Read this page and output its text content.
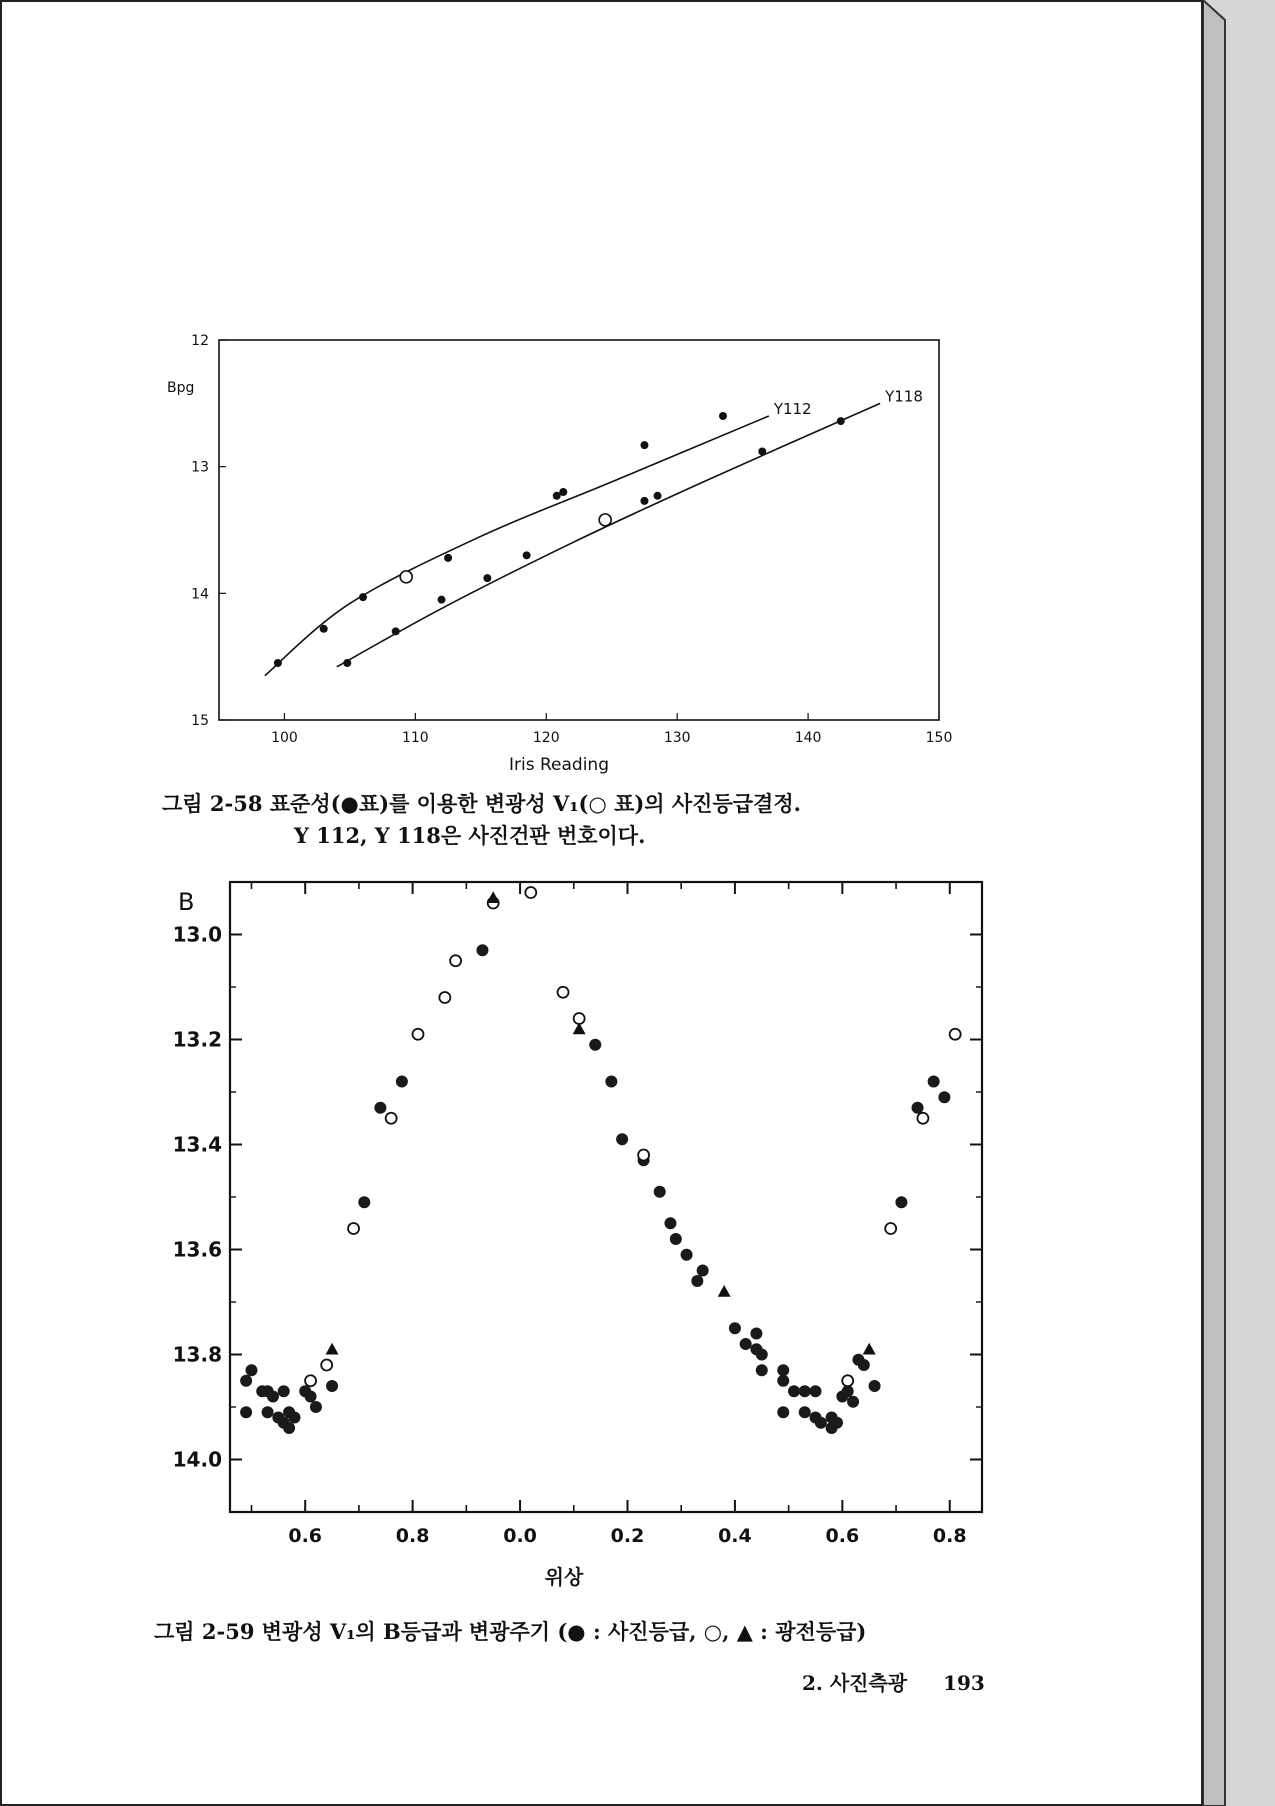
100	110	120	130	140	150
12
13
14
15
Bpg
Iris Reading
Y112
Y118
그림 2-58 표준성(●표)를 이용한 변광성 V₁(○ 표)의 사진등급결정.
Y 112, Y 118은 사진건판 번호이다.
0.6	0.8	0.0	0.2	0.4	0.6	0.8
13.0
13.2
13.4
13.6
13.8
14.0
B
위상
그림 2-59 변광성 V₁의 B등급과 변광주기 (● : 사진등급, ○, ▲ : 광전등급)
2. 사진측광 193
